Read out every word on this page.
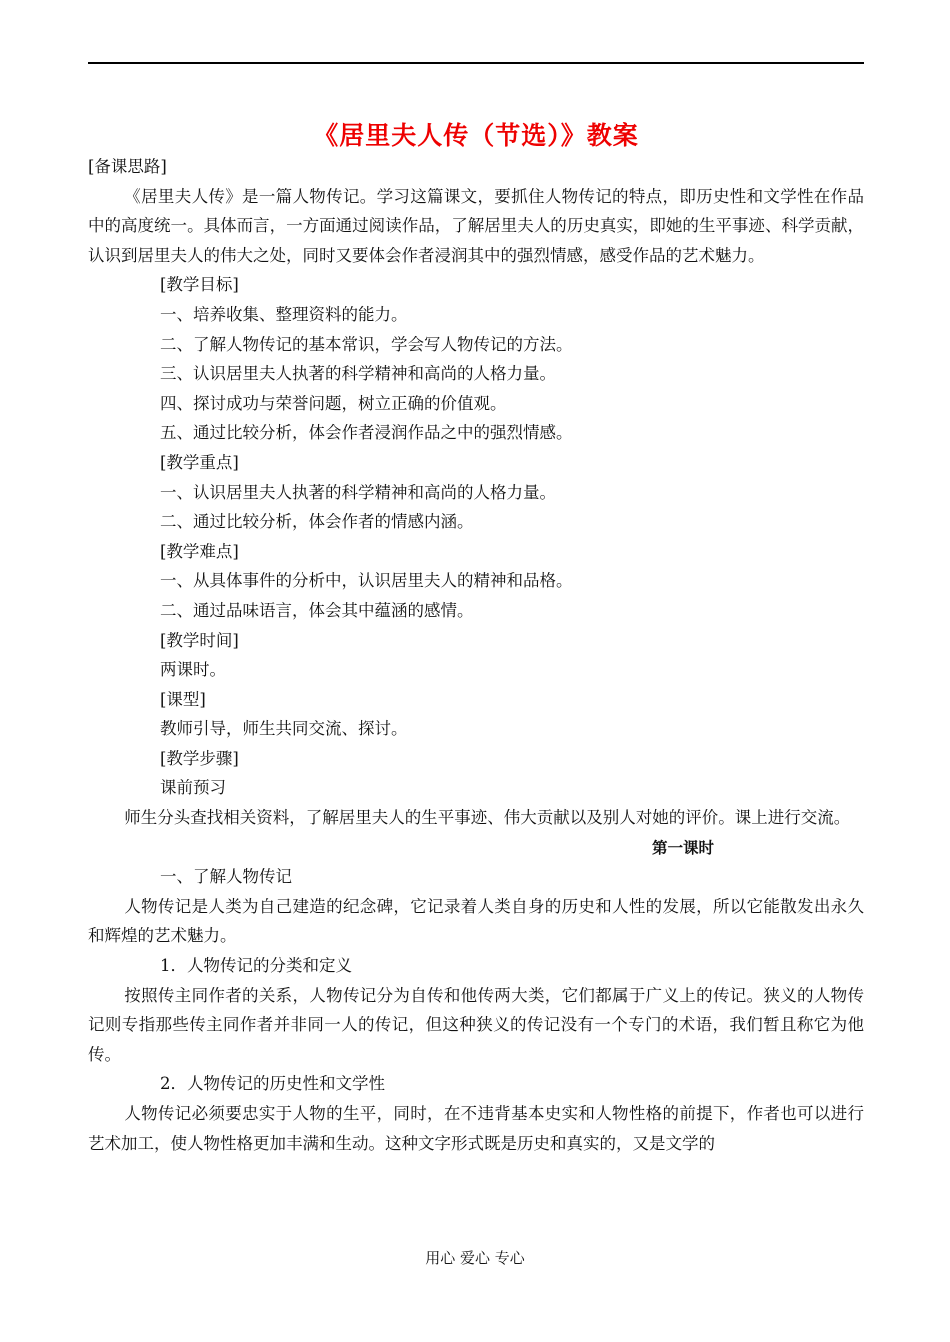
《居里夫人传（节选）》教案

[备课思路]

《居里夫人传》是一篇人物传记。学习这篇课文，要抓住人物传记的特点，即历史性和文学性在作品中的高度统一。具体而言，一方面通过阅读作品，了解居里夫人的历史真实，即她的生平事迹、科学贡献，认识到居里夫人的伟大之处，同时又要体会作者浸润其中的强烈情感，感受作品的艺术魅力。

[教学目标]

一、培养收集、整理资料的能力。

二、了解人物传记的基本常识，学会写人物传记的方法。

三、认识居里夫人执著的科学精神和高尚的人格力量。

四、探讨成功与荣誉问题，树立正确的价值观。

五、通过比较分析，体会作者浸润作品之中的强烈情感。

[教学重点]

一、认识居里夫人执著的科学精神和高尚的人格力量。

二、通过比较分析，体会作者的情感内涵。

[教学难点]

一、从具体事件的分析中，认识居里夫人的精神和品格。

二、通过品味语言，体会其中蕴涵的感情。

[教学时间]

两课时。

[课型]

教师引导，师生共同交流、探讨。

[教学步骤]

课前预习

师生分头查找相关资料，了解居里夫人的生平事迹、伟大贡献以及别人对她的评价。课上进行交流。

第一课时

一、了解人物传记

人物传记是人类为自己建造的纪念碑，它记录着人类自身的历史和人性的发展，所以它能散发出永久和辉煌的艺术魅力。

1．人物传记的分类和定义

按照传主同作者的关系，人物传记分为自传和他传两大类，它们都属于广义上的传记。狭义的人物传记则专指那些传主同作者并非同一人的传记，但这种狭义的传记没有一个专门的术语，我们暂且称它为他传。

2．人物传记的历史性和文学性

人物传记必须要忠实于人物的生平，同时，在不违背基本史实和人物性格的前提下，作者也可以进行艺术加工，使人物性格更加丰满和生动。这种文字形式既是历史和真实的，又是文学的

用心 爱心 专心
